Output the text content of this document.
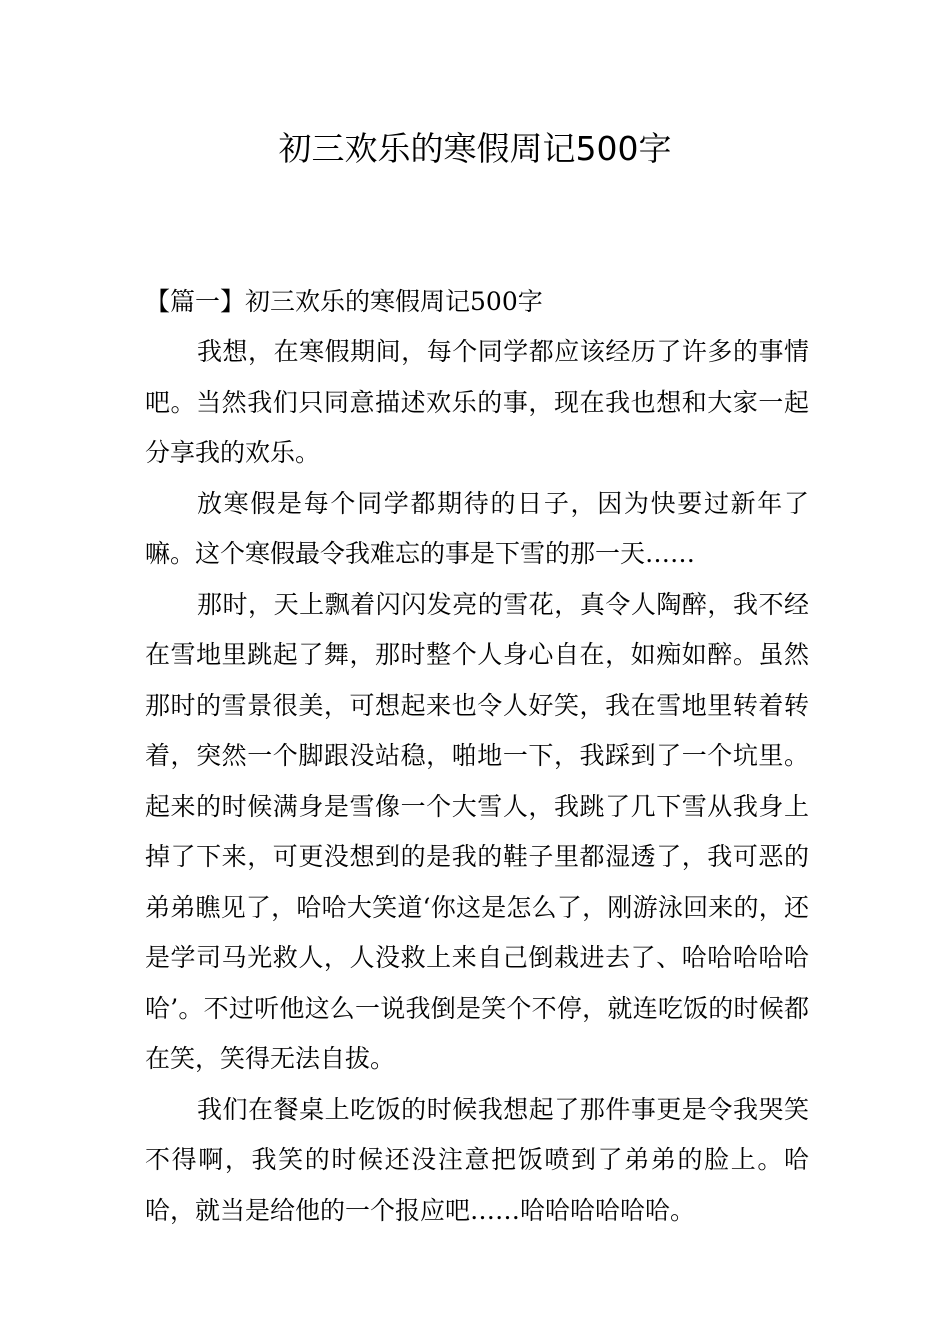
初三欢乐的寒假周记500字

【篇一】初三欢乐的寒假周记500字

我想，在寒假期间，每个同学都应该经历了许多的事情吧。当然我们只同意描述欢乐的事，现在我也想和大家一起分享我的欢乐。

放寒假是每个同学都期待的日子，因为快要过新年了嘛。这个寒假最令我难忘的事是下雪的那一天……

那时，天上飘着闪闪发亮的雪花，真令人陶醉，我不经在雪地里跳起了舞，那时整个人身心自在，如痴如醉。虽然那时的雪景很美，可想起来也令人好笑，我在雪地里转着转着，突然一个脚跟没站稳，啪地一下，我踩到了一个坑里。起来的时候满身是雪像一个大雪人，我跳了几下雪从我身上掉了下来，可更没想到的是我的鞋子里都湿透了，我可恶的弟弟瞧见了，哈哈大笑道‘你这是怎么了，刚游泳回来的，还是学司马光救人，人没救上来自己倒栽进去了、哈哈哈哈哈哈’。不过听他这么一说我倒是笑个不停，就连吃饭的时候都在笑，笑得无法自拔。

我们在餐桌上吃饭的时候我想起了那件事更是令我哭笑不得啊，我笑的时候还没注意把饭喷到了弟弟的脸上。哈哈，就当是给他的一个报应吧……哈哈哈哈哈哈。
